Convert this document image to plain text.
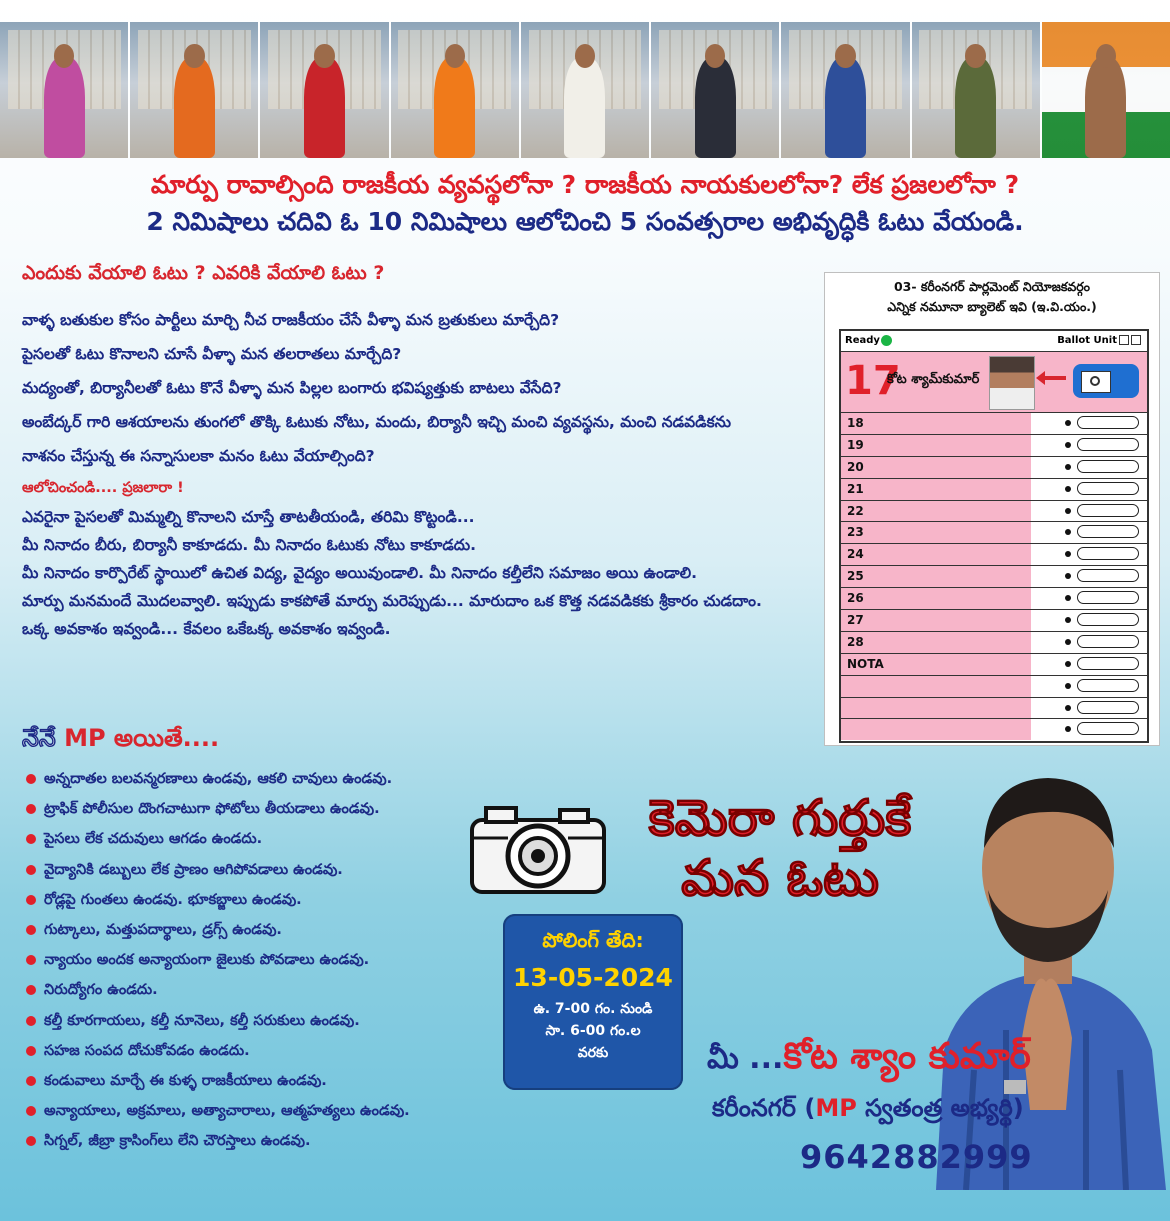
మార్పు రావాల్సింది రాజకీయ వ్యవస్థలోనా ? రాజకీయ నాయకులలోనా? లేక ప్రజలలోనా ?
2 నిమిషాలు చదివి ఓ 10 నిమిషాలు ఆలోచించి 5 సంవత్సరాల అభివృద్ధికి ఓటు వేయండి.
ఎందుకు వేయాలి ఓటు ? ఎవరికి వేయాలి ఓటు ?
వాళ్ళ బతుకుల కోసం పార్టీలు మార్చి నీచ రాజకీయం చేసే వీళ్ళా మన బ్రతుకులు మార్చేది?
పైసలతో ఓటు కొనాలని చూసే వీళ్ళా మన తలరాతలు మార్చేది?
మద్యంతో, బిర్యానీలతో ఓటు కొనే వీళ్ళా మన పిల్లల బంగారు భవిష్యత్తుకు బాటలు వేసేది?
అంబేద్కర్ గారి ఆశయాలను తుంగలో తొక్కి ఓటుకు నోటు, మందు, బిర్యానీ ఇచ్చి మంచి వ్యవస్థను, మంచి నడవడికను
నాశనం చేస్తున్న ఈ సన్నాసులకా మనం ఓటు వేయాల్సింది?
ఆలోచించండి.... ప్రజలారా !
ఎవరైనా పైసలతో మిమ్మల్ని కొనాలని చూస్తే తాటతీయండి, తరిమి కొట్టండి...
మీ నినాదం బీరు, బిర్యానీ కాకూడదు. మీ నినాదం ఓటుకు నోటు కాకూడదు.
మీ నినాదం కార్పొరేట్ స్థాయిలో ఉచిత విద్య, వైద్యం అయివుండాలి. మీ నినాదం కల్తీలేని సమాజం అయి ఉండాలి.
మార్పు మనమందే మొదలవ్వాలి. ఇప్పుడు కాకపోతే మార్పు మరెప్పుడు... మారుదాం ఒక కొత్త నడవడికకు శ్రీకారం చుడదాం.
ఒక్క అవకాశం ఇవ్వండి... కేవలం ఒకేఒక్క అవకాశం ఇవ్వండి.
నేనే MP అయితే....
అన్నదాతల బలవన్మరణాలు ఉండవు, ఆకలి చావులు ఉండవు.
ట్రాఫిక్ పోలీసుల దొంగచాటుగా ఫోటోలు తీయడాలు ఉండవు.
పైసలు లేక చదువులు ఆగడం ఉండదు.
వైద్యానికి డబ్బులు లేక ప్రాణం ఆగిపోవడాలు ఉండవు.
రోడ్లపై గుంతలు ఉండవు. భూకబ్జాలు ఉండవు.
గుట్కాలు, మత్తుపదార్థాలు, డ్రగ్స్ ఉండవు.
న్యాయం అందక అన్యాయంగా జైలుకు పోవడాలు ఉండవు.
నిరుద్యోగం ఉండదు.
కల్తీ కూరగాయలు, కల్తీ నూనెలు, కల్తీ సరుకులు ఉండవు.
సహజ సంపద దోచుకోవడం ఉండదు.
కండువాలు మార్చే ఈ కుళ్ళ రాజకీయాలు ఉండవు.
అన్యాయాలు, అక్రమాలు, అత్యాచారాలు, ఆత్మహత్యలు ఉండవు.
సిగ్నల్, జీబ్రా క్రాసింగ్‌లు లేని చౌరస్తాలు ఉండవు.
03- కరీంనగర్ పార్లమెంట్ నియోజకవర్గం
ఎన్నిక నమూనా బ్యాలెట్ ఇవి (ఇ.వి.యం.)
Ready	Ballot Unit
17
కోట శ్యామ్‌కుమార్
18
19
20
21
22
23
24
25
26
27
28
NOTA
కెమెరా గుర్తుకే
మన ఓటు
పోలింగ్ తేది:
13-05-2024
ఉ. 7-00 గం. నుండి
సా. 6-00 గం.ల
వరకు	మీ ...కోట శ్యాం కుమార్
కరీంనగర్ (MP స్వతంత్ర అభ్యర్థి)
9642882999
